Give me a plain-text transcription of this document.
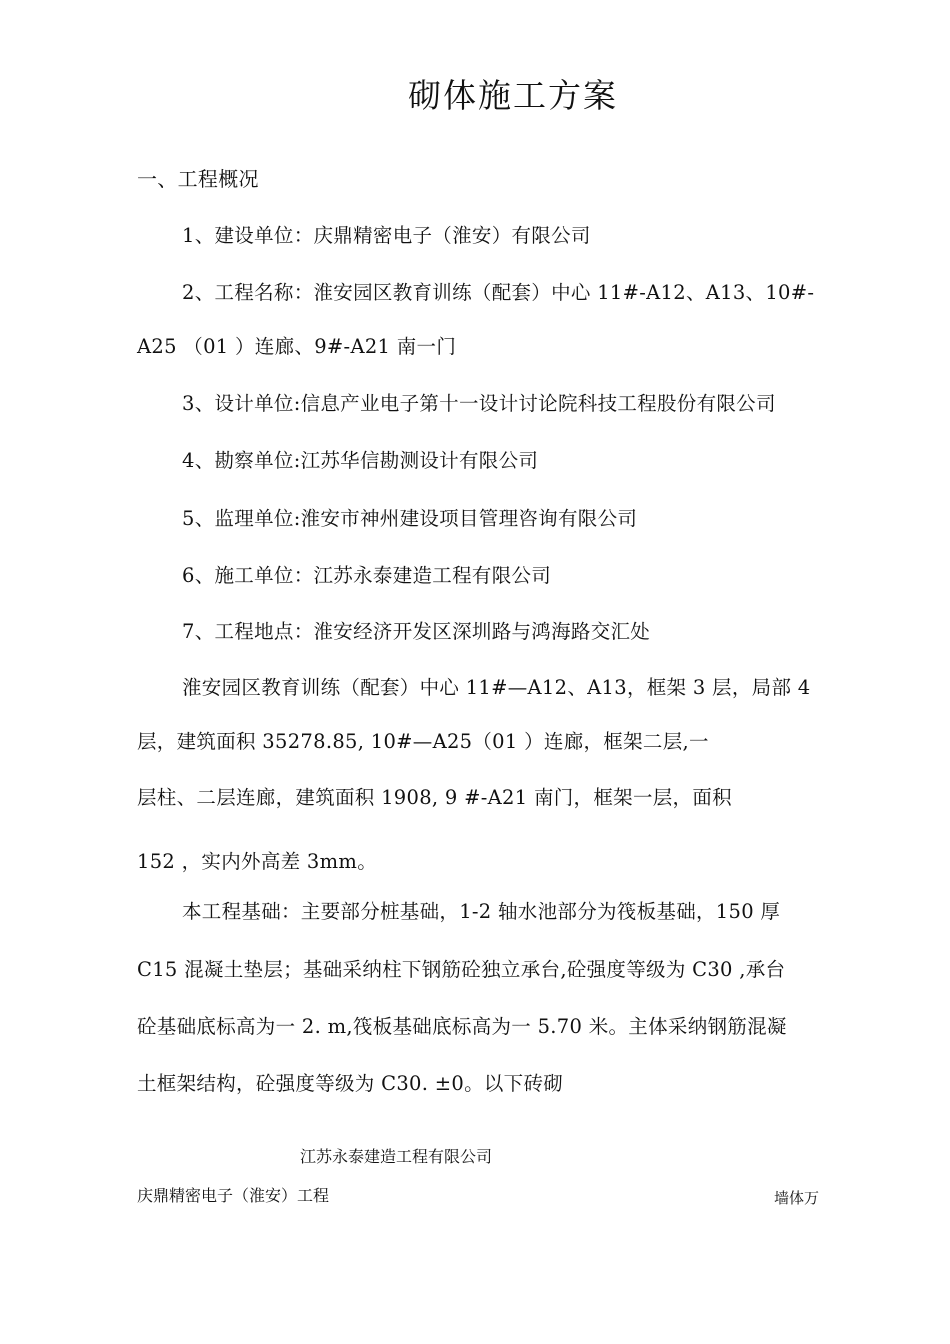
砌体施工方案
一、工程概况
1、建设单位：庆鼎精密电子（淮安）有限公司
2、工程名称：淮安园区教育训练（配套）中心 11#-A12、A13、10#-
A25 （01 ）连廊、9#-A21 南一门
3、设计单位:信息产业电子第十一设计讨论院科技工程股份有限公司
4、勘察单位:江苏华信勘测设计有限公司
5、监理单位:淮安市神州建设项目管理咨询有限公司
6、施工单位：江苏永泰建造工程有限公司
7、工程地点：淮安经济开发区深圳路与鸿海路交汇处
淮安园区教育训练（配套）中心 11#—A12、A13，框架 3 层，局部 4
层，建筑面积 35278.85, 10#—A25（01 ）连廊，框架二层,一
层柱、二层连廊，建筑面积 1908, 9 #-A21 南门，框架一层，面积
152 ，实内外高差 3mm。
本工程基础：主要部分桩基础，1-2 轴水池部分为筏板基础，150 厚
C15 混凝土垫层；基础采纳柱下钢筋砼独立承台,砼强度等级为 C30 ,承台
砼基础底标高为一 2. m,筏板基础底标高为一 5.70 米。主体采纳钢筋混凝
土框架结构，砼强度等级为 C30. ±0。以下砖砌
江苏永泰建造工程有限公司
庆鼎精密电子（淮安）工程	墙体万
